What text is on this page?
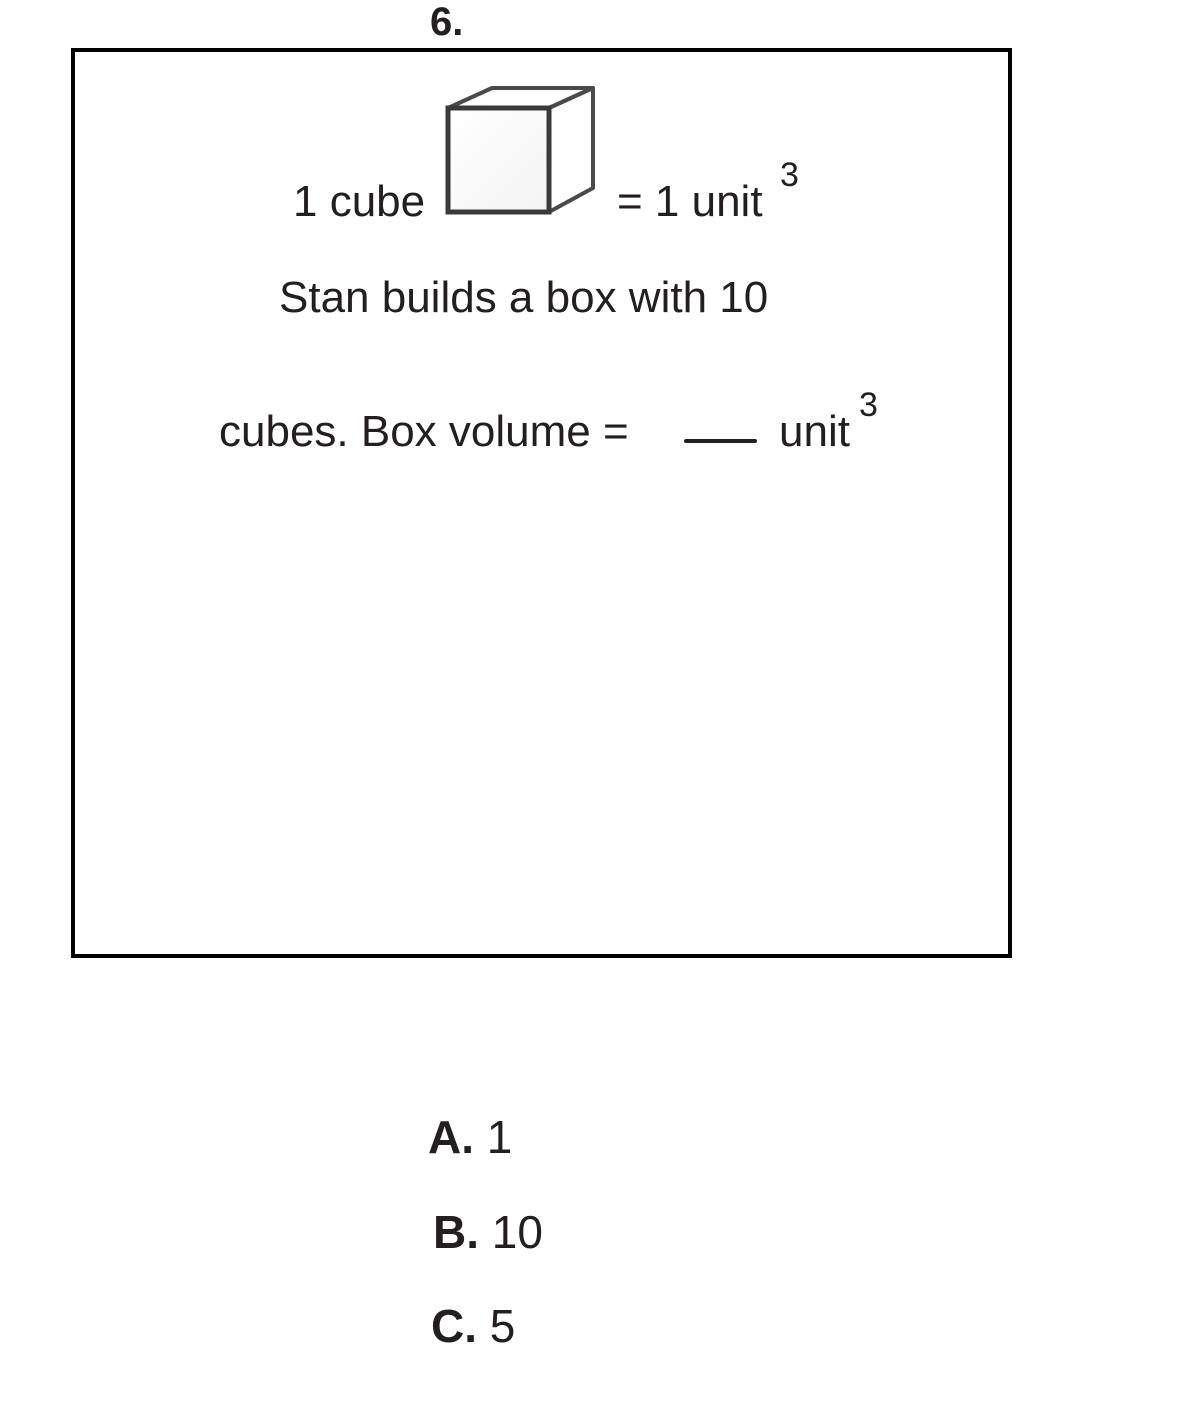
6.
1 cube	= 1 unit
3
Stan builds a box with 10
cubes. Box volume =	unit
3
A. 1
B. 10
C. 5
